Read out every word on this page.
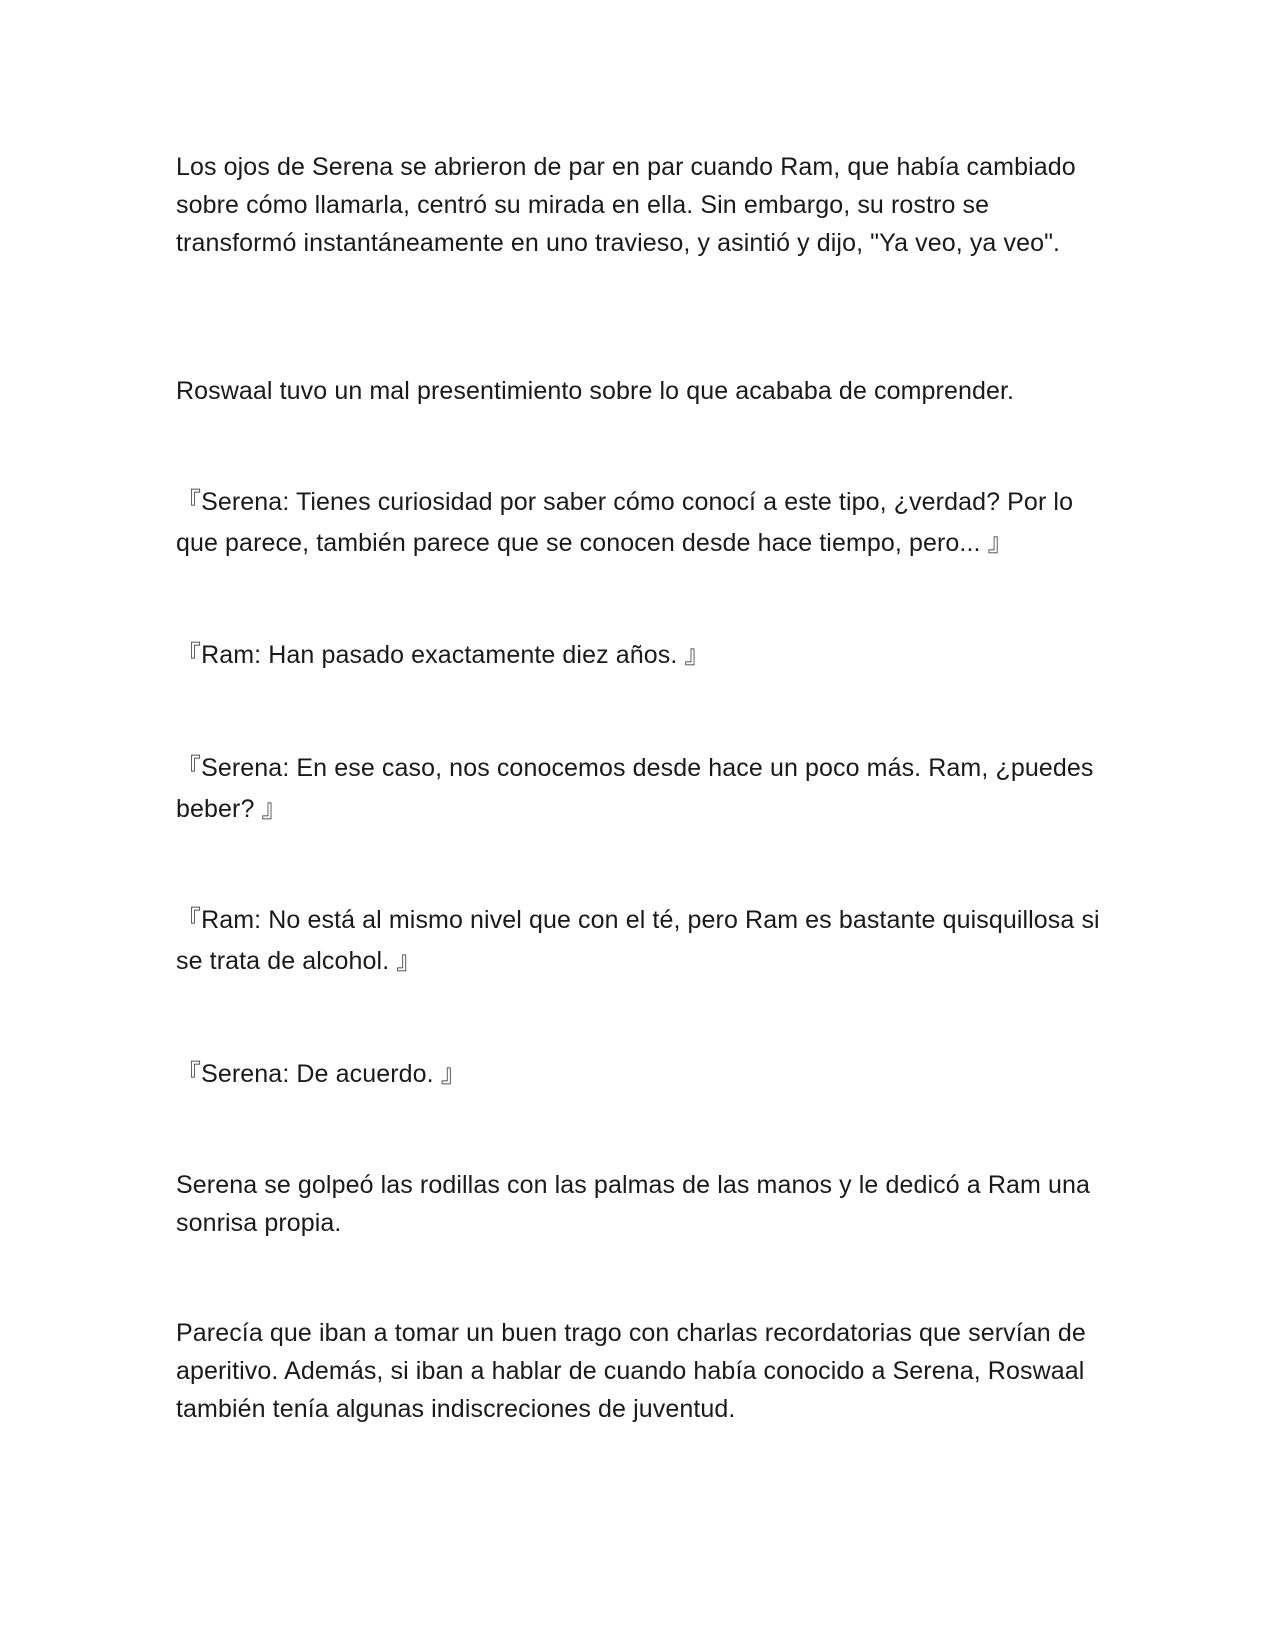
Los ojos de Serena se abrieron de par en par cuando Ram, que había cambiado sobre cómo llamarla, centró su mirada en ella. Sin embargo, su rostro se transformó instantáneamente en uno travieso, y asintió y dijo, "Ya veo, ya veo".

Roswaal tuvo un mal presentimiento sobre lo que acababa de comprender.

『Serena: Tienes curiosidad por saber cómo conocí a este tipo, ¿verdad? Por lo que parece, también parece que se conocen desde hace tiempo, pero... 』

『Ram: Han pasado exactamente diez años. 』

『Serena: En ese caso, nos conocemos desde hace un poco más. Ram, ¿puedes beber? 』

『Ram: No está al mismo nivel que con el té, pero Ram es bastante quisquillosa si se trata de alcohol. 』

『Serena: De acuerdo. 』

Serena se golpeó las rodillas con las palmas de las manos y le dedicó a Ram una sonrisa propia.

Parecía que iban a tomar un buen trago con charlas recordatorias que servían de aperitivo. Además, si iban a hablar de cuando había conocido a Serena, Roswaal también tenía algunas indiscreciones de juventud.
